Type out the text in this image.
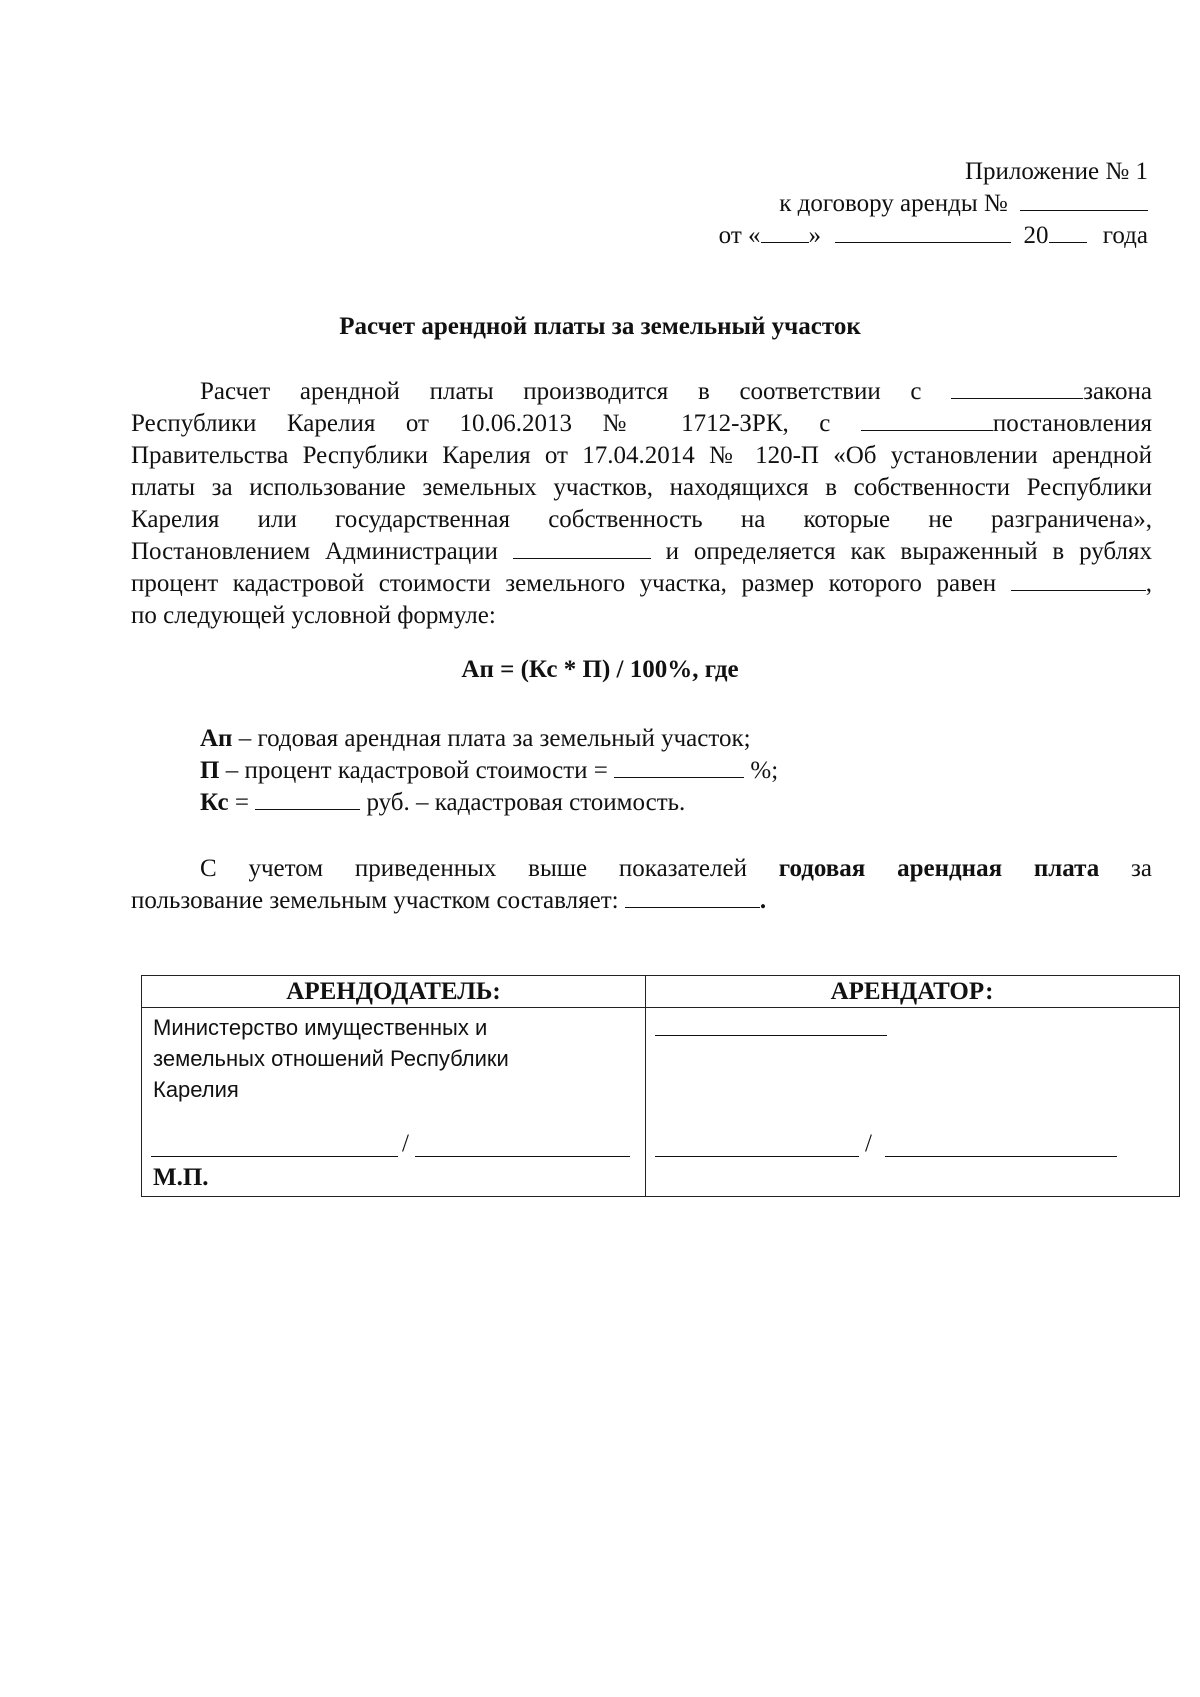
Приложение № 1
к договору аренды №
от « »	20 года
Расчет арендной платы за земельный участок
Расчет арендной платы производится в соответствии с	закона
Республики Карелия от 10.06.2013 № 1712-ЗРК, с	постановления
Правительства Республики Карелия от 17.04.2014 № 120-П «Об установлении арендной
платы за использование земельных участков, находящихся в собственности Республики
Карелия или государственная собственность на которые не разграничена»,
Постановлением Администрации	и определяется как выраженный в рублях
процент кадастровой стоимости земельного участка, размер которого равен	,
по следующей условной формуле:
Ап = (Кс * П) / 100%, где
Ап – годовая арендная плата за земельный участок;
П – процент кадастровой стоимости =	%;
Кс =	руб. – кадастровая стоимость.
С учетом приведенных выше показателей годовая арендная плата за
пользование земельным участком составляет:	.
АРЕНДОДАТЕЛЬ:	АРЕНДАТОР:
Министерство имущественных и
земельных отношений Республики
Карелия
/	/
М.П.
